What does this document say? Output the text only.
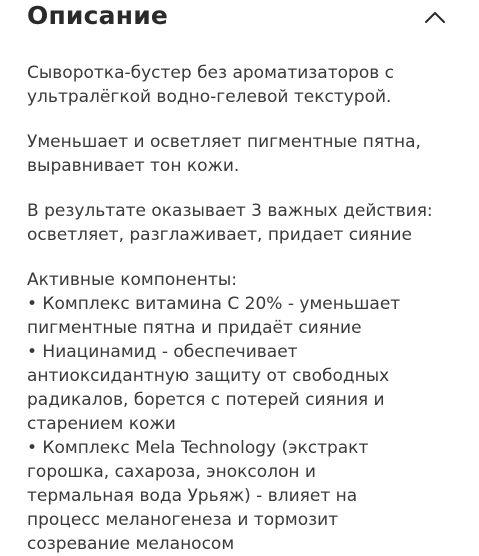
Описание

Сыворотка-бустер без ароматизаторов с
ультралёгкой водно-гелевой текстурой.

Уменьшает и осветляет пигментные пятна,
выравнивает тон кожи.

В результате оказывает 3 важных действия:
осветляет, разглаживает, придает сияние

Активные компоненты:
• Комплекс витамина С 20% - уменьшает
пигментные пятна и придаёт сияние
• Ниацинамид - обеспечивает
антиоксидантную защиту от свободных
радикалов, борется с потерей сияния и
старением кожи
• Комплекс Mela Technology (экстракт
горошка, сахароза, эноксолон и
термальная вода Урьяж) - влияет на
процесс меланогенеза и тормозит
созревание меланосом
